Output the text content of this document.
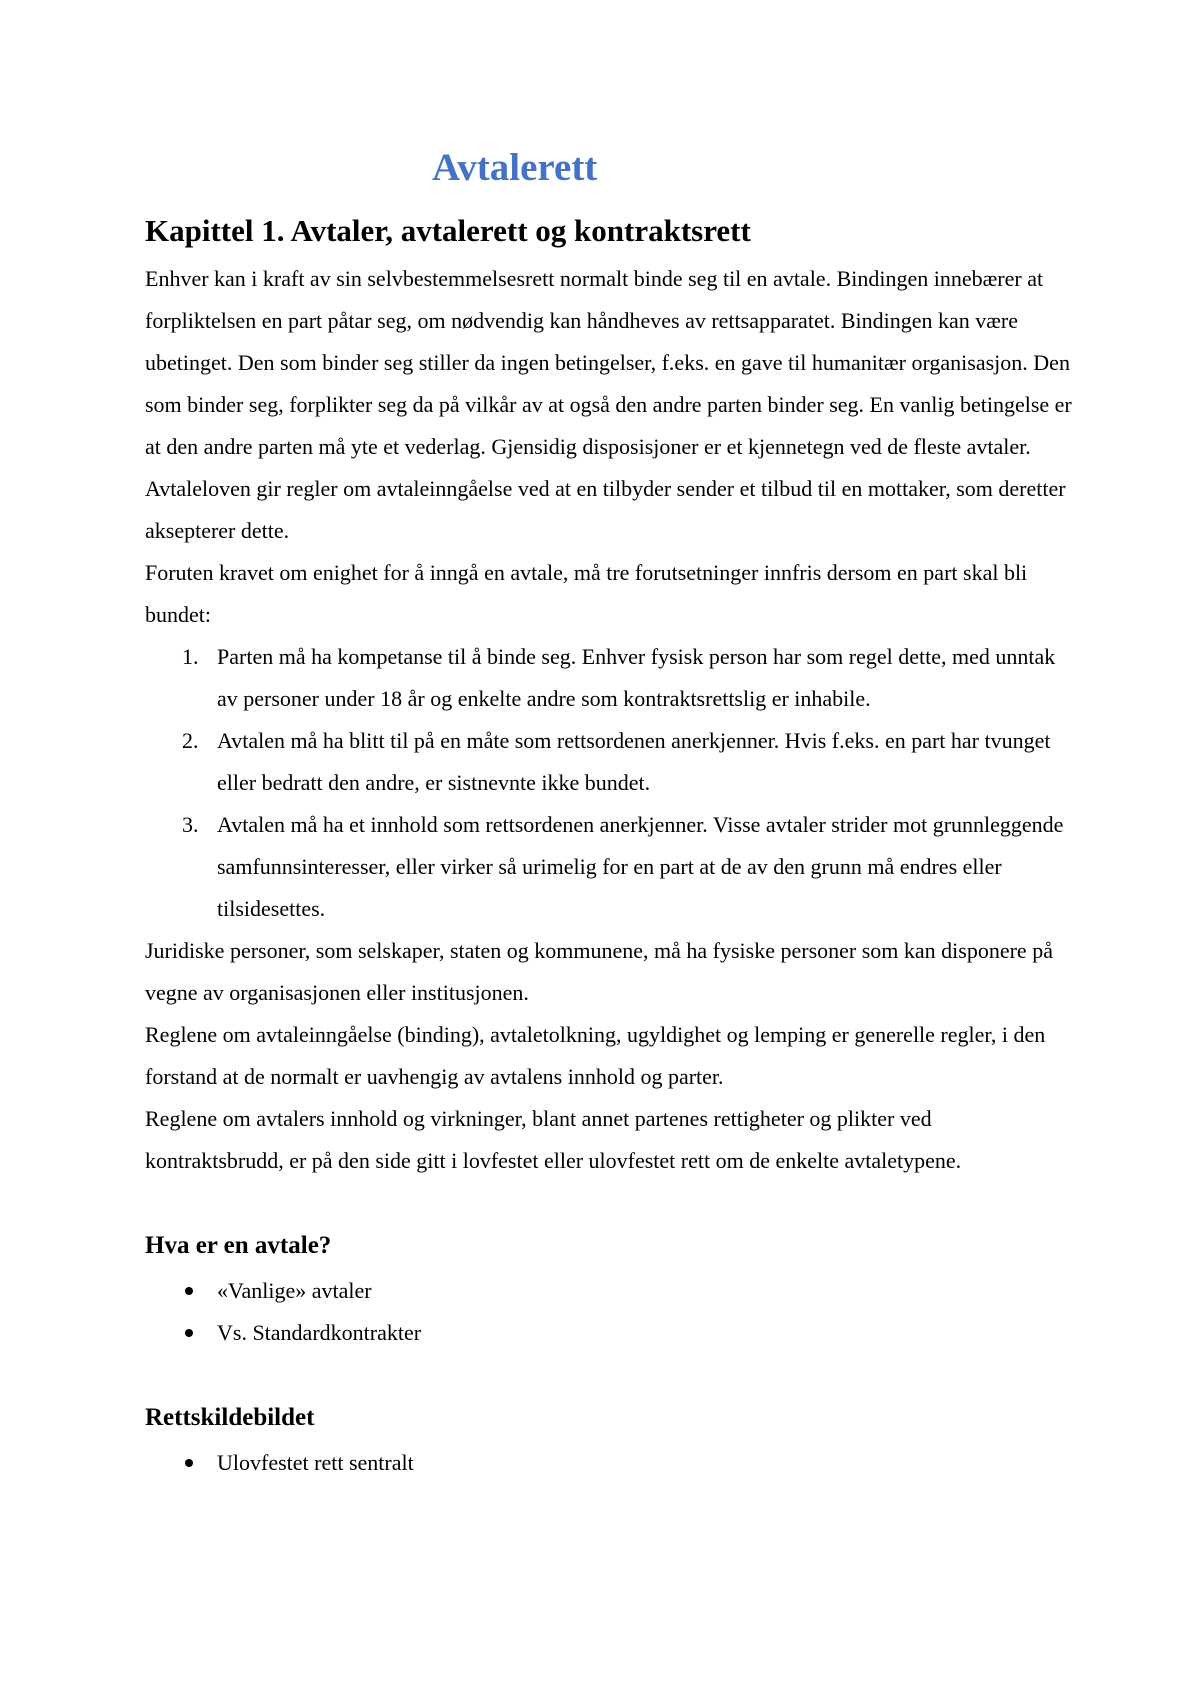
Avtalerett
Kapittel 1. Avtaler, avtalerett og kontraktsrett

Enhver kan i kraft av sin selvbestemmelsesrett normalt binde seg til en avtale. Bindingen innebærer at forpliktelsen en part påtar seg, om nødvendig kan håndheves av rettsapparatet. Bindingen kan være ubetinget. Den som binder seg stiller da ingen betingelser, f.eks. en gave til humanitær organisasjon. Den som binder seg, forplikter seg da på vilkår av at også den andre parten binder seg. En vanlig betingelse er at den andre parten må yte et vederlag. Gjensidig disposisjoner er et kjennetegn ved de fleste avtaler.

Avtaleloven gir regler om avtaleinngåelse ved at en tilbyder sender et tilbud til en mottaker, som deretter aksepterer dette.

Foruten kravet om enighet for å inngå en avtale, må tre forutsetninger innfris dersom en part skal bli bundet:

1. Parten må ha kompetanse til å binde seg. Enhver fysisk person har som regel dette, med unntak av personer under 18 år og enkelte andre som kontraktsrettslig er inhabile.
2. Avtalen må ha blitt til på en måte som rettsordenen anerkjenner. Hvis f.eks. en part har tvunget eller bedratt den andre, er sistnevnte ikke bundet.
3. Avtalen må ha et innhold som rettsordenen anerkjenner. Visse avtaler strider mot grunnleggende samfunnsinteresser, eller virker så urimelig for en part at de av den grunn må endres eller tilsidesettes.

Juridiske personer, som selskaper, staten og kommunene, må ha fysiske personer som kan disponere på vegne av organisasjonen eller institusjonen.

Reglene om avtaleinngåelse (binding), avtaletolkning, ugyldighet og lemping er generelle regler, i den forstand at de normalt er uavhengig av avtalens innhold og parter.

Reglene om avtalers innhold og virkninger, blant annet partenes rettigheter og plikter ved kontraktsbrudd, er på den side gitt i lovfestet eller ulovfestet rett om de enkelte avtaletypene.

Hva er en avtale?
«Vanlige» avtaler
Vs. Standardkontrakter
Rettskildebildet
Ulovfestet rett sentralt
